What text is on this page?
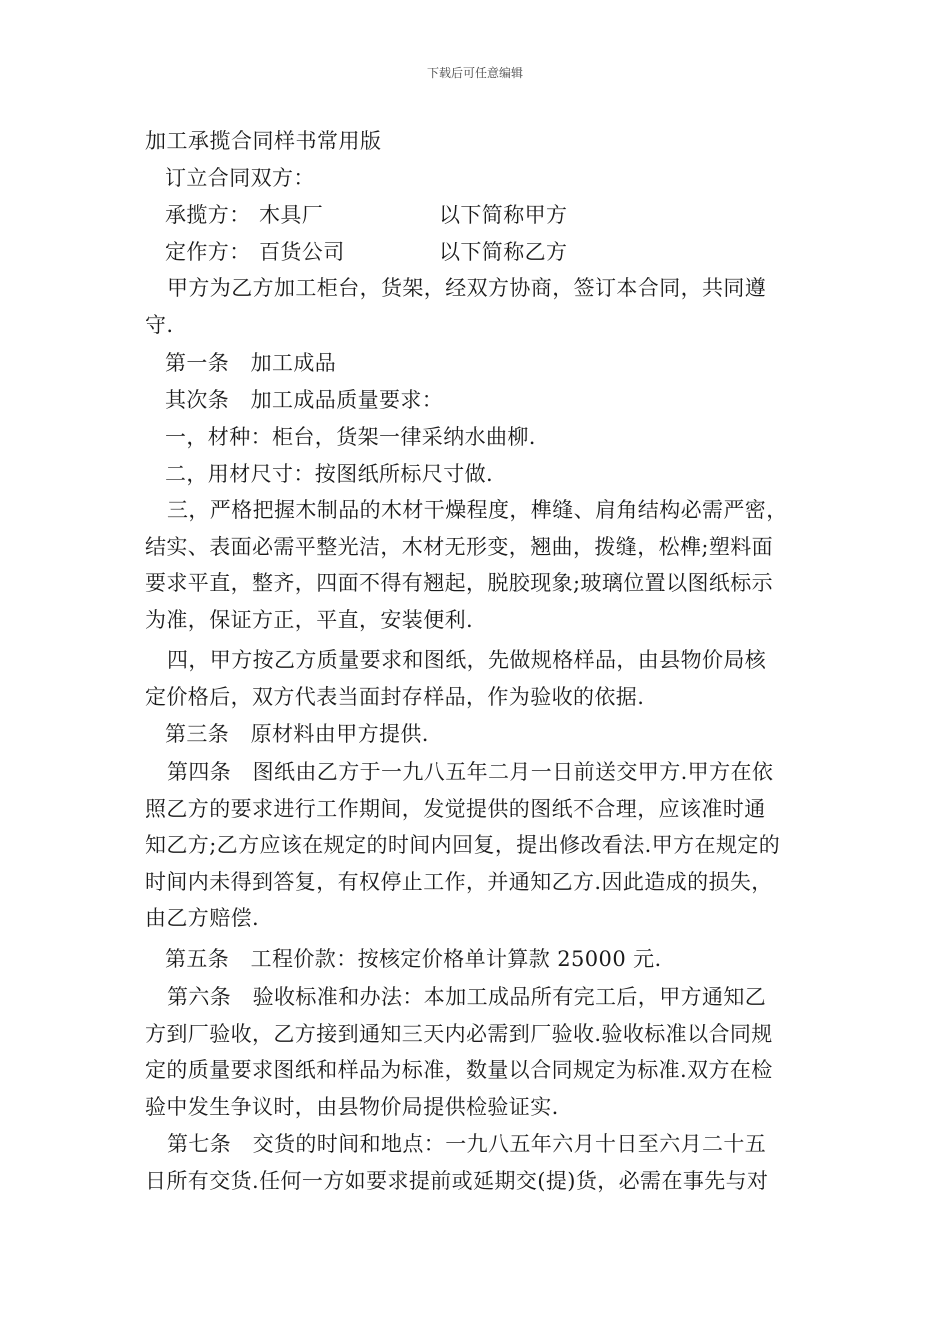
下载后可任意编辑
加工承揽合同样书常用版
订立合同双方：
承揽方： 木具厂	以下简称甲方
定作方： 百货公司	以下简称乙方
甲方为乙方加工柜台，货架，经双方协商，签订本合同，共同遵
守.
第一条　加工成品
其次条　加工成品质量要求：
一，材种：柜台，货架一律采纳水曲柳.
二，用材尺寸：按图纸所标尺寸做.
三，严格把握木制品的木材干燥程度，榫缝、肩角结构必需严密，
结实、表面必需平整光洁，木材无形变，翘曲，拨缝，松榫;塑料面
要求平直，整齐，四面不得有翘起，脱胶现象;玻璃位置以图纸标示
为准，保证方正，平直，安装便利.
四，甲方按乙方质量要求和图纸，先做规格样品，由县物价局核
定价格后，双方代表当面封存样品，作为验收的依据.
第三条　原材料由甲方提供.
第四条　图纸由乙方于一九八五年二月一日前送交甲方.甲方在依
照乙方的要求进行工作期间，发觉提供的图纸不合理，应该准时通
知乙方;乙方应该在规定的时间内回复，提出修改看法.甲方在规定的
时间内未得到答复，有权停止工作，并通知乙方.因此造成的损失，
由乙方赔偿.
第五条　工程价款：按核定价格单计算款 25000 元.
第六条　验收标准和办法：本加工成品所有完工后，甲方通知乙
方到厂验收，乙方接到通知三天内必需到厂验收.验收标准以合同规
定的质量要求图纸和样品为标准，数量以合同规定为标准.双方在检
验中发生争议时，由县物价局提供检验证实.
第七条　交货的时间和地点：一九八五年六月十日至六月二十五
日所有交货.任何一方如要求提前或延期交(提)货，必需在事先与对
